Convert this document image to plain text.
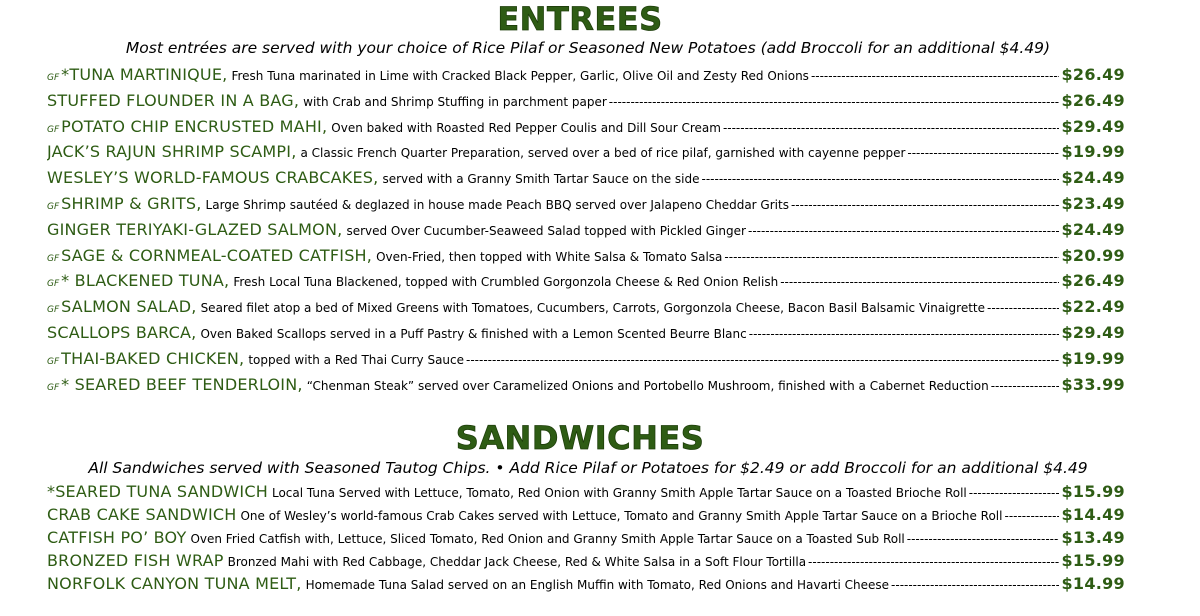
ENTREES
Most entrées are served with your choice of Rice Pilaf or Seasoned New Potatoes (add Broccoli for an additional $4.49)
GF *TUNA MARTINIQUE, Fresh Tuna marinated in Lime with Cracked Black Pepper, Garlic, Olive Oil and Zesty Red Onions -----	$26.49
STUFFED FLOUNDER IN A BAG, with Crab and Shrimp Stuffing in parchment paper -----	$26.49
GF POTATO CHIP ENCRUSTED MAHI, Oven baked with Roasted Red Pepper Coulis and Dill Sour Cream -----	$29.49
JACK’S RAJUN SHRIMP SCAMPI, a Classic French Quarter Preparation, served over a bed of rice pilaf, garnished with cayenne pepper -----	$19.99
WESLEY’S WORLD-FAMOUS CRABCAKES, served with a Granny Smith Tartar Sauce on the side -----	$24.49
GF SHRIMP & GRITS, Large Shrimp sautéed & deglazed in house made Peach BBQ served over Jalapeno Cheddar Grits -----	$23.49
GINGER TERIYAKI-GLAZED SALMON, served Over Cucumber-Seaweed Salad topped with Pickled Ginger -----	$24.49
GF SAGE & CORNMEAL-COATED CATFISH, Oven-Fried, then topped with White Salsa & Tomato Salsa -----	$20.99
GF * BLACKENED TUNA, Fresh Local Tuna Blackened, topped with Crumbled Gorgonzola Cheese & Red Onion Relish -----	$26.49
GF SALMON SALAD, Seared filet atop a bed of Mixed Greens with Tomatoes, Cucumbers, Carrots, Gorgonzola Cheese, Bacon Basil Balsamic Vinaigrette -----	$22.49
SCALLOPS BARCA, Oven Baked Scallops served in a Puff Pastry & finished with a Lemon Scented Beurre Blanc -----	$29.49
GF THAI-BAKED CHICKEN, topped with a Red Thai Curry Sauce -----	$19.99
GF * SEARED BEEF TENDERLOIN, “Chenman Steak” served over Caramelized Onions and Portobello Mushroom, finished with a Cabernet Reduction -----	$33.99
SANDWICHES
All Sandwiches served with Seasoned Tautog Chips. • Add Rice Pilaf or Potatoes for $2.49 or add Broccoli for an additional $4.49
*SEARED TUNA SANDWICH Local Tuna Served with Lettuce, Tomato, Red Onion with Granny Smith Apple Tartar Sauce on a Toasted Brioche Roll -----	$15.99
CRAB CAKE SANDWICH One of Wesley’s world-famous Crab Cakes served with Lettuce, Tomato and Granny Smith Apple Tartar Sauce on a Brioche Roll -----	$14.49
CATFISH PO’ BOY Oven Fried Catfish with, Lettuce, Sliced Tomato, Red Onion and Granny Smith Apple Tartar Sauce on a Toasted Sub Roll -----	$13.49
BRONZED FISH WRAP Bronzed Mahi with Red Cabbage, Cheddar Jack Cheese, Red & White Salsa in a Soft Flour Tortilla -----	$15.99
NORFOLK CANYON TUNA MELT, Homemade Tuna Salad served on an English Muffin with Tomato, Red Onions and Havarti Cheese -----	$14.99
